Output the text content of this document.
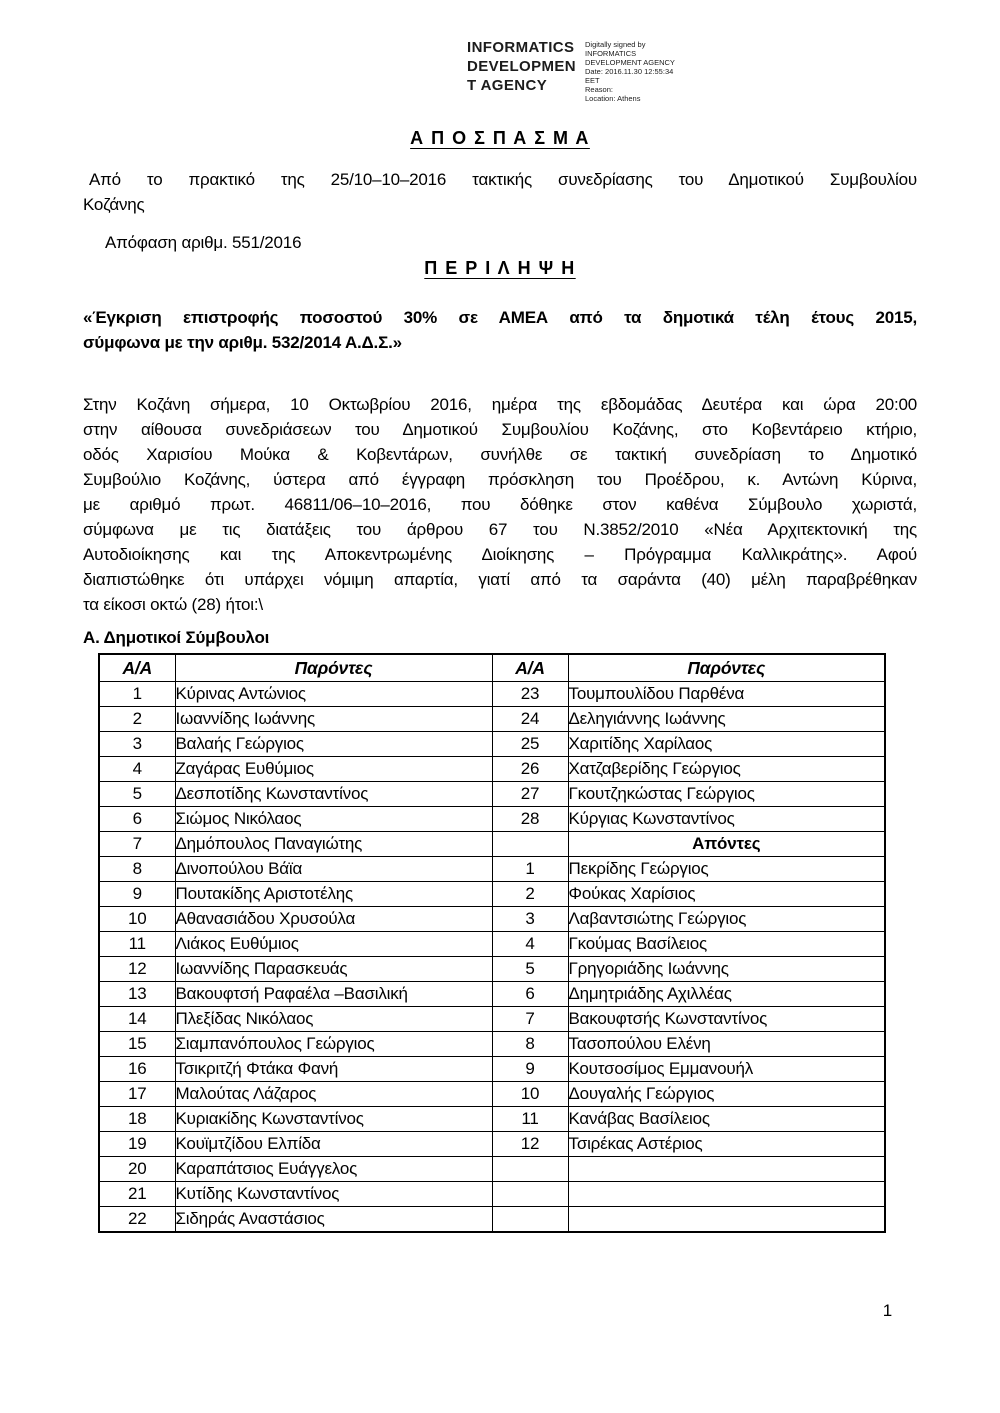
INFORMATICS
DEVELOPMEN
T AGENCY
Digitally signed by
INFORMATICS
DEVELOPMENT AGENCY
Date: 2016.11.30 12:55:34
EET
Reason:
Location: Athens
Α Π Ο Σ Π Α Σ Μ Α
Από το πρακτικό της 25/10–10–2016 τακτικής συνεδρίασης του Δημοτικού Συμβουλίου
Κοζάνης
Απόφαση αριθμ. 551/2016
Π Ε Ρ Ι Λ Η Ψ Η
«Έγκριση επιστροφής ποσοστού 30% σε ΑΜΕΑ από τα δημοτικά τέλη έτους 2015,
σύμφωνα με την αριθμ. 532/2014 Α.Δ.Σ.»
Στην Κοζάνη σήμερα, 10 Οκτωβρίου 2016, ημέρα της εβδομάδας Δευτέρα και ώρα 20:00
στην αίθουσα συνεδριάσεων του Δημοτικού Συμβουλίου Κοζάνης, στο Κοβεντάρειο κτήριο,
οδός Χαρισίου Μούκα & Κοβεντάρων, συνήλθε σε τακτική συνεδρίαση το Δημοτικό
Συμβούλιο Κοζάνης, ύστερα από έγγραφη πρόσκληση του Προέδρου, κ. Αντώνη Κύρινα,
με αριθμό πρωτ. 46811/06–10–2016, που δόθηκε στον καθένα Σύμβουλο χωριστά,
σύμφωνα με τις διατάξεις του άρθρου 67 του Ν.3852/2010 «Νέα Αρχιτεκτονική της
Αυτοδιοίκησης και της Αποκεντρωμένης Διοίκησης – Πρόγραμμα Καλλικράτης». Αφού
διαπιστώθηκε ότι υπάρχει νόμιμη απαρτία, γιατί από τα σαράντα (40) μέλη παραβρέθηκαν
τα είκοσι οκτώ (28) ήτοι:\
Α. Δημοτικοί Σύμβουλοι
Α/Α	Παρόντες	Α/Α	Παρόντες
1	Κύρινας Αντώνιος	23	Τουμπουλίδου Παρθένα
2	Ιωαννίδης Ιωάννης	24	Δεληγιάννης Ιωάννης
3	Βαλαής Γεώργιος	25	Χαριτίδης Χαρίλαος
4	Ζαγάρας Ευθύμιος	26	Χατζαβερίδης Γεώργιος
5	Δεσποτίδης Κωνσταντίνος	27	Γκουτζηκώστας Γεώργιος
6	Σιώμος Νικόλαος	28	Κύργιας Κωνσταντίνος
7	Δημόπουλος Παναγιώτης		Απόντες
8	Δινοπούλου Βάϊα	1	Πεκρίδης Γεώργιος
9	Πουτακίδης Αριστοτέλης	2	Φούκας Χαρίσιος
10	Αθανασιάδου Χρυσούλα	3	Λαβαντσιώτης Γεώργιος
11	Λιάκος Ευθύμιος	4	Γκούμας Βασίλειος
12	Ιωαννίδης Παρασκευάς	5	Γρηγοριάδης Ιωάννης
13	Βακουφτσή Ραφαέλα –Βασιλική	6	Δημητριάδης Αχιλλέας
14	Πλεξίδας Νικόλαος	7	Βακουφτσής Κωνσταντίνος
15	Σιαμπανόπουλος Γεώργιος	8	Τασοπούλου Ελένη
16	Τσικριτζή Φτάκα Φανή	9	Κουτσοσίμος Εμμανουήλ
17	Μαλούτας Λάζαρος	10	Δουγαλής Γεώργιος
18	Κυριακίδης Κωνσταντίνος	11	Κανάβας Βασίλειος
19	Κουϊμτζίδου Ελπίδα	12	Τσιρέκας Αστέριος
20	Καραπάτσιος Ευάγγελος		
21	Κυτίδης Κωνσταντίνος		
22	Σιδηράς Αναστάσιος		
1
